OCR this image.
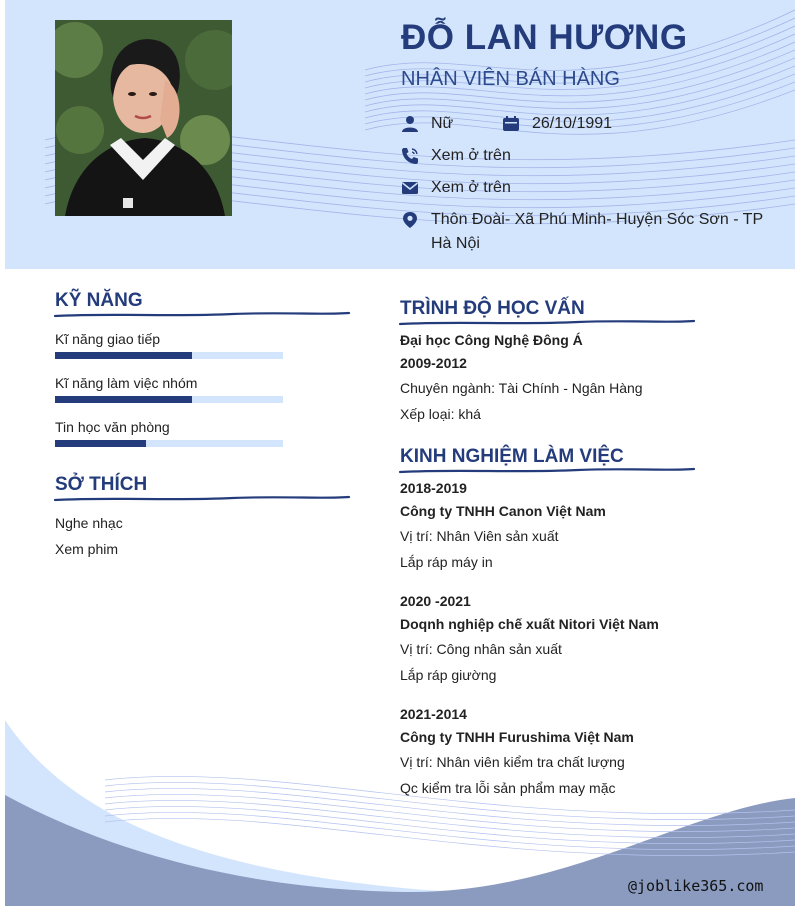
ĐỖ LAN HƯƠNG
NHÂN VIÊN BÁN HÀNG
Nữ	26/10/1991
Xem ở trên
Xem ở trên
Thôn Đoài- Xã Phú Minh- Huyện Sóc Sơn - TP Hà Nội
KỸ NĂNG
Kĩ năng giao tiếp
Kĩ năng làm việc nhóm
Tin học văn phòng
SỞ THÍCH
Nghe nhạc
Xem phim
TRÌNH ĐỘ HỌC VẤN
Đại học Công Nghệ Đông Á
2009-2012
Chuyên ngành: Tài Chính - Ngân Hàng
Xếp loại: khá
KINH NGHIỆM LÀM VIỆC
2018-2019
Công ty TNHH Canon Việt Nam
Vị trí: Nhân Viên sản xuất
Lắp ráp máy in
2020 -2021
Doqnh nghiệp chế xuất Nitori Việt Nam
Vị trí: Công nhân sản xuất
Lắp ráp giường
2021-2014
Công ty TNHH Furushima Việt Nam
Vị trí: Nhân viên kiểm tra chất lượng
Qc kiểm tra lỗi sản phẩm may mặc
@joblike365.com
